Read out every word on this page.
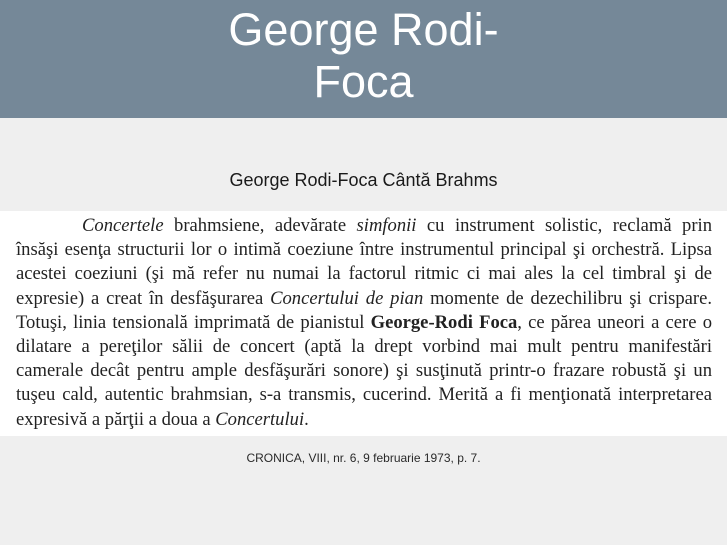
George Rodi-
Foca
George Rodi-Foca Cântă Brahms

Concertele brahmsiene, adevărate simfonii cu instrument solistic, reclamă prin însăşi esenţa structurii lor o intimă coeziune între instrumentul principal şi orchestră. Lipsa acestei coeziuni (şi mă refer nu numai la factorul ritmic ci mai ales la cel timbral şi de expresie) a creat în desfăşurarea Concertului de pian momente de dezechilibru şi crispare. Totuşi, linia tensională imprimată de pianistul George-Rodi Foca, ce părea uneori a cere o dilatare a pereţilor sălii de concert (aptă la drept vorbind mai mult pentru manifestări camerale decât pentru ample desfăşurări sonore) şi susţinută printr-o frazare robustă şi un tuşeu cald, autentic brahmsian, s-a transmis, cucerind. Merită a fi menţionată interpretarea expresivă a părţii a doua a Concertului.

CRONICA, VIII, nr. 6, 9 februarie 1973, p. 7.
